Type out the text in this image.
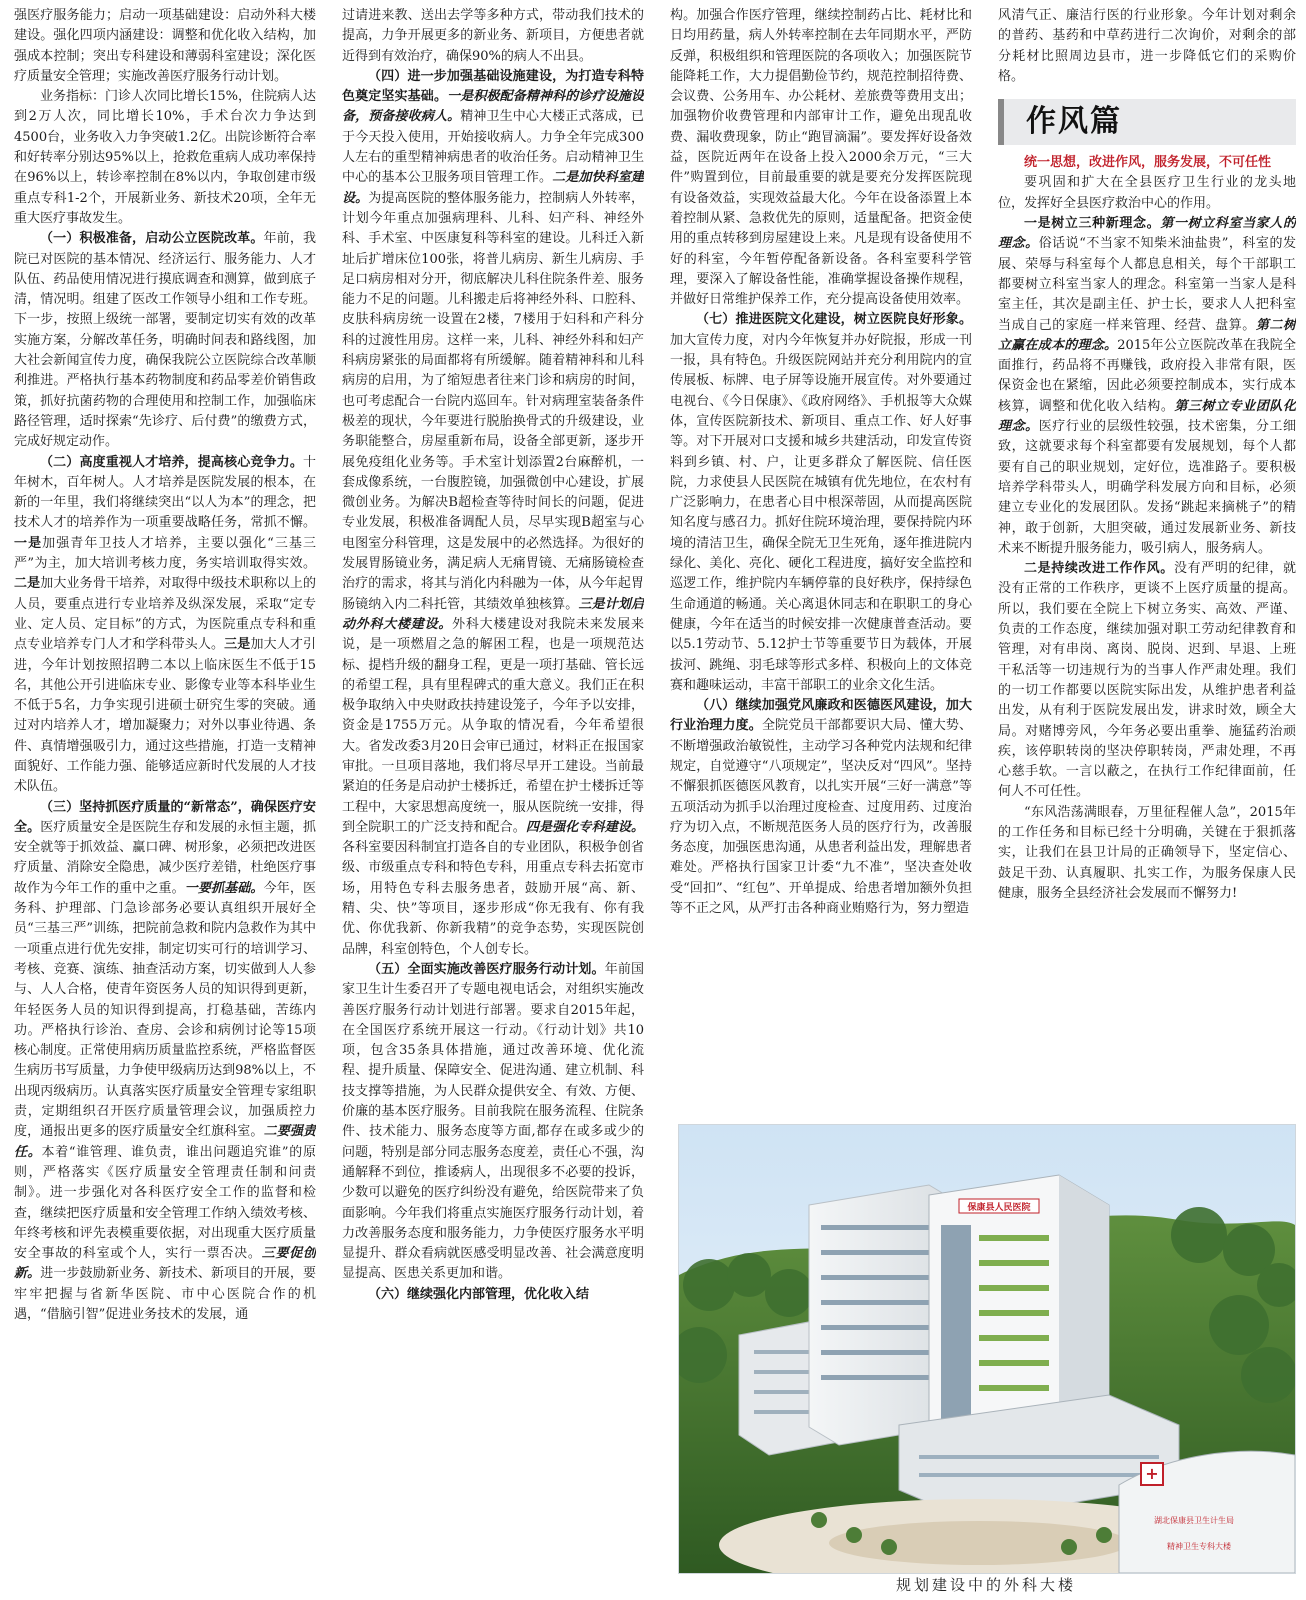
强医疗服务能力；启动一项基础建设：启动外科大楼建设。强化四项内涵建设：调整和优化收入结构，加强成本控制；突出专科建设和薄弱科室建设；深化医疗质量安全管理；实施改善医疗服务行动计划。

业务指标：门诊人次同比增长15%，住院病人达到2万人次，同比增长10%，手术台次力争达到4500台，业务收入力争突破1.2亿。出院诊断符合率和好转率分别达95%以上，抢救危重病人成功率保持在96%以上，转诊率控制在8%以内，争取创建市级重点专科1-2个，开展新业务、新技术20项，全年无重大医疗事故发生。

（一）积极准备，启动公立医院改革。年前，我院已对医院的基本情况、经济运行、服务能力、人才队伍、药品使用情况进行摸底调查和测算，做到底子清，情况明。组建了医改工作领导小组和工作专班。下一步，按照上级统一部署，要制定切实有效的改革实施方案，分解改革任务，明确时间表和路线图，加大社会新闻宣传力度，确保我院公立医院综合改革顺利推进。严格执行基本药物制度和药品零差价销售政策，抓好抗菌药物的合理使用和控制工作，加强临床路径管理，适时探索“先诊疗、后付费”的缴费方式，完成好规定动作。

（二）高度重视人才培养，提高核心竞争力。十年树木，百年树人。人才培养是医院发展的根本，在新的一年里，我们将继续突出“以人为本”的理念，把技术人才的培养作为一项重要战略任务，常抓不懈。一是加强青年卫技人才培养，主要以强化“三基三严”为主，加大培训考核力度，务实培训取得实效。二是加大业务骨干培养，对取得中级技术职称以上的人员，要重点进行专业培养及纵深发展，采取“定专业、定人员、定目标”的方式，为医院重点专科和重点专业培养专门人才和学科带头人。三是加大人才引进，今年计划按照招聘二本以上临床医生不低于15名，其他公开引进临床专业、影像专业等本科毕业生不低于5名，力争实现引进硕士研究生零的突破。通过对内培养人才，增加凝聚力；对外以事业待遇、条件、真情增强吸引力，通过这些措施，打造一支精神面貌好、工作能力强、能够适应新时代发展的人才技术队伍。

（三）坚持抓医疗质量的“新常态”，确保医疗安全。医疗质量安全是医院生存和发展的永恒主题，抓安全就等于抓效益、赢口碑、树形象，必须把改进医疗质量、消除安全隐患，减少医疗差错，杜绝医疗事故作为今年工作的重中之重。一要抓基础。今年，医务科、护理部、门急诊部务必要认真组织开展好全员“三基三严”训练，把院前急救和院内急救作为其中一项重点进行优先安排，制定切实可行的培训学习、考核、竞赛、演练、抽查活动方案，切实做到人人参与、人人合格，使青年资医务人员的知识得到更新，年轻医务人员的知识得到提高，打稳基础，苦练内功。严格执行诊治、查房、会诊和病例讨论等15项核心制度。正常使用病历质量监控系统，严格监督医生病历书写质量，力争使甲级病历达到98%以上，不出现丙级病历。认真落实医疗质量安全管理专家组职责，定期组织召开医疗质量管理会议，加强质控力度，通报出更多的医疗质量安全红旗科室。二要强责任。本着“谁管理、谁负责，谁出问题追究谁”的原则，严格落实《医疗质量安全管理责任制和问责制》。进一步强化对各科医疗安全工作的监督和检查，继续把医疗质量和安全管理工作纳入绩效考核、年终考核和评先表模重要依据，对出现重大医疗质量安全事故的科室或个人，实行一票否决。三要促创新。进一步鼓励新业务、新技术、新项目的开展，要牢牢把握与省新华医院、市中心医院合作的机遇，“借脑引智”促进业务技术的发展，通

过请进来教、送出去学等多种方式，带动我们技术的提高，力争开展更多的新业务、新项目，方便患者就近得到有效治疗，确保90%的病人不出县。

（四）进一步加强基础设施建设，为打造专科特色奠定坚实基础。一是积极配备精神科的诊疗设施设备，预备接收病人。精神卫生中心大楼正式落成，已于今天投入使用，开始接收病人。力争全年完成300人左右的重型精神病患者的收治任务。启动精神卫生中心的基本公卫服务项目管理工作。二是加快科室建设。为提高医院的整体服务能力，控制病人外转率，计划今年重点加强病理科、儿科、妇产科、神经外科、手术室、中医康复科等科室的建设。儿科迁入新址后扩增床位100张，将普儿病房、新生儿病房、手足口病房相对分开，彻底解决儿科住院条件差、服务能力不足的问题。儿科搬走后将神经外科、口腔科、皮肤科病房统一设置在2楼，7楼用于妇科和产科分科的过渡性用房。这样一来，儿科、神经外科和妇产科病房紧张的局面都将有所缓解。随着精神科和儿科病房的启用，为了缩短患者往来门诊和病房的时间，也可考虑配合一台院内巡回车。针对病理室装备条件极差的现状，今年要进行脱胎换骨式的升级建设，业务职能整合，房屋重新布局，设备全部更新，逐步开展免疫组化业务等。手术室计划添置2台麻醉机，一套成像系统，一台腹腔镜，加强微创中心建设，扩展微创业务。为解决B超检查等待时间长的问题，促进专业发展，积极准备调配人员，尽早实现B超室与心电图室分科管理，这是发展中的必然选择。为很好的发展胃肠镜业务，满足病人无痛胃镜、无痛肠镜检查治疗的需求，将其与消化内科融为一体，从今年起胃肠镜纳入内二科托管，其绩效单独核算。三是计划启动外科大楼建设。外科大楼建设对我院未来发展来说，是一项燃眉之急的解困工程，也是一项规范达标、提档升级的翻身工程，更是一项打基础、管长远的希望工程，具有里程碑式的重大意义。我们正在积极争取纳入中央财政扶持建设笼子，今年予以安排，资金是1755万元。从争取的情况看，今年希望很大。省发改委3月20日会审已通过，材料正在报国家审批。一旦项目落地，我们将尽早开工建设。当前最紧迫的任务是启动护士楼拆迁，希望在护士楼拆迁等工程中，大家思想高度统一，服从医院统一安排，得到全院职工的广泛支持和配合。四是强化专科建设。各科室要因科制宜打造各自的专业团队，积极争创省级、市级重点专科和特色专科，用重点专科去拓宽市场，用特色专科去服务患者，鼓励开展“高、新、精、尖、快”等项目，逐步形成“你无我有、你有我优、你优我新、你新我精”的竞争态势，实现医院创品牌，科室创特色，个人创专长。

（五）全面实施改善医疗服务行动计划。年前国家卫生计生委召开了专题电视电话会，对组织实施改善医疗服务行动计划进行部署。要求自2015年起，在全国医疗系统开展这一行动。《行动计划》共10项，包含35条具体措施，通过改善环境、优化流程、提升质量、保障安全、促进沟通、建立机制、科技支撑等措施，为人民群众提供安全、有效、方便、价廉的基本医疗服务。目前我院在服务流程、住院条件、技术能力、服务态度等方面,都存在或多或少的问题，特别是部分同志服务态度差，责任心不强，沟通解释不到位，推诿病人，出现很多不必要的投诉，少数可以避免的医疗纠纷没有避免，给医院带来了负面影响。今年我们将重点实施医疗服务行动计划，着力改善服务态度和服务能力，力争使医疗服务水平明显提升、群众看病就医感受明显改善、社会满意度明显提高、医患关系更加和谐。

（六）继续强化内部管理，优化收入结

构。加强合作医疗管理，继续控制药占比、耗材比和日均用药量，病人外转率控制在去年同期水平，严防反弹，积极组织和管理医院的各项收入；加强医院节能降耗工作，大力提倡勤俭节约，规范控制招待费、会议费、公务用车、办公耗材、差旅费等费用支出；加强物价收费管理和内部审计工作，避免出现乱收费、漏收费现象，防止“跑冒滴漏”。要发挥好设备效益，医院近两年在设备上投入2000余万元，“三大件”购置到位，目前最重要的就是要充分发挥医院现有设备效益，实现效益最大化。今年在设备添置上本着控制从紧、急救优先的原则，适量配备。把资金使用的重点转移到房屋建设上来。凡是现有设备使用不好的科室，今年暂停配备新设备。各科室要科学管理，要深入了解设备性能，准确掌握设备操作规程，并做好日常维护保养工作，充分提高设备使用效率。

（七）推进医院文化建设，树立医院良好形象。加大宣传力度，对内今年恢复并办好院报，形成一刊一报，具有特色。升级医院网站并充分利用院内的宣传展板、标牌、电子屏等设施开展宣传。对外要通过电视台、《今日保康》、《政府网络》、手机报等大众媒体，宣传医院新技术、新项目、重点工作、好人好事等。对下开展对口支援和城乡共建活动，印发宣传资料到乡镇、村、户，让更多群众了解医院、信任医院，力求使县人民医院在城镇有优先地位，在农村有广泛影响力，在患者心目中根深蒂固，从而提高医院知名度与感召力。抓好住院环境治理，要保持院内环境的清洁卫生，确保全院无卫生死角，逐年推进院内绿化、美化、亮化、硬化工程进度，搞好安全监控和巡逻工作，维护院内车辆停靠的良好秩序，保持绿色生命通道的畅通。关心离退休同志和在职职工的身心健康，今年在适当的时候安排一次健康普查活动。要以5.1劳动节、5.12护士节等重要节日为载体，开展拔河、跳绳、羽毛球等形式多样、积极向上的文体竞赛和趣味运动，丰富干部职工的业余文化生活。

（八）继续加强党风廉政和医德医风建设，加大行业治理力度。全院党员干部都要识大局、懂大势、不断增强政治敏锐性，主动学习各种党内法规和纪律规定，自觉遵守“八项规定”，坚决反对“四风”。坚持不懈狠抓医德医风教育，以扎实开展“三好一满意”等五项活动为抓手以治理过度检查、过度用药、过度治疗为切入点，不断规范医务人员的医疗行为，改善服务态度，加强医患沟通，从患者利益出发，理解患者难处。严格执行国家卫计委“九不准”，坚决查处收受“回扣”、“红包”、开单提成、给患者增加额外负担等不正之风，从严打击各种商业贿赂行为，努力塑造

风清气正、廉洁行医的行业形象。今年计划对剩余的普药、基药和中草药进行二次询价，对剩余的部分耗材比照周边县市，进一步降低它们的采购价格。

作风篇

统一思想，改进作风，服务发展，不可任性

要巩固和扩大在全县医疗卫生行业的龙头地位，发挥好全县医疗救治中心的作用。

一是树立三种新理念。第一树立科室当家人的理念。俗话说“不当家不知柴米油盐贵”，科室的发展、荣辱与科室每个人都息息相关，每个干部职工都要树立科室当家人的理念。科室第一当家人是科室主任，其次是副主任、护士长，要求人人把科室当成自己的家庭一样来管理、经营、盘算。第二树立赢在成本的理念。2015年公立医院改革在我院全面推行，药品将不再赚钱，政府投入非常有限，医保资金也在紧缩，因此必须要控制成本，实行成本核算，调整和优化收入结构。第三树立专业团队化理念。医疗行业的层级性较强，技术密集，分工细致，这就要求每个科室都要有发展规划，每个人都要有自己的职业规划，定好位，选准路子。要积极培养学科带头人，明确学科发展方向和目标，必须建立专业化的发展团队。发扬“跳起来摘桃子”的精神，敢于创新，大胆突破，通过发展新业务、新技术来不断提升服务能力，吸引病人，服务病人。

二是持续改进工作作风。没有严明的纪律，就没有正常的工作秩序，更谈不上医疗质量的提高。所以，我们要在全院上下树立务实、高效、严谨、负责的工作态度，继续加强对职工劳动纪律教育和管理，对有串岗、离岗、脱岗、迟到、早退、上班干私活等一切违规行为的当事人作严肃处理。我们的一切工作都要以医院实际出发，从维护患者利益出发，从有利于医院发展出发，讲求时效，顾全大局。对赌博旁风，今年务必要出重拳、施猛药治顽疾，该停职转岗的坚决停职转岗，严肃处理，不再心慈手软。一言以蔽之，在执行工作纪律面前，任何人不可任性。

“东风浩荡满眼春，万里征程催人急”，2015年的工作任务和目标已经十分明确，关键在于狠抓落实，让我们在县卫计局的正确领导下，坚定信心、鼓足干劲、认真履职、扎实工作，为服务保康人民健康，服务全县经济社会发展而不懈努力!

保康县人民医院
+
湖北保康县卫生计生局
精神卫生专科大楼
规划建设中的外科大楼
